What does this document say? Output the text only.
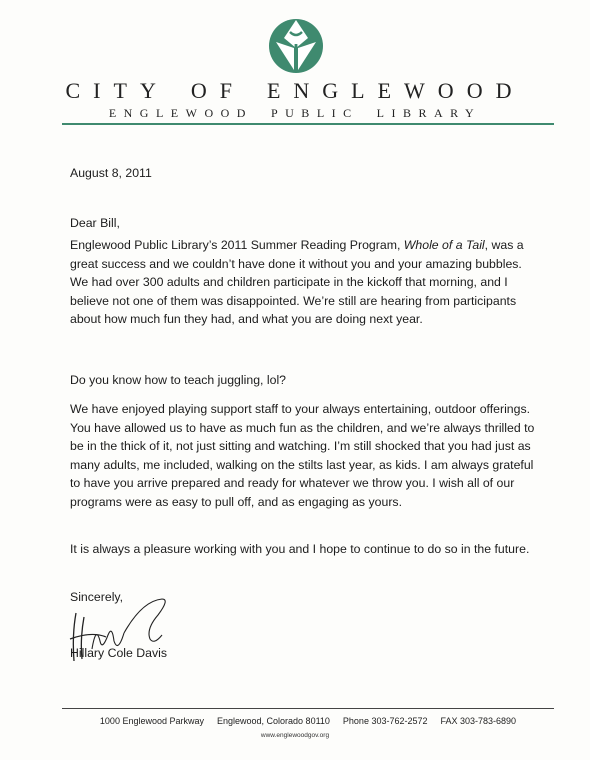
CITY OF ENGLEWOOD
ENGLEWOOD PUBLIC LIBRARY
August 8, 2011
Dear Bill,
Englewood Public Library’s 2011 Summer Reading Program, Whole of a Tail, was a great success and we couldn’t have done it without you and your amazing bubbles. We had over 300 adults and children participate in the kickoff that morning, and I believe not one of them was disappointed. We’re still are hearing from participants about how much fun they had, and what you are doing next year.
Do you know how to teach juggling, lol?
We have enjoyed playing support staff to your always entertaining, outdoor offerings. You have allowed us to have as much fun as the children, and we’re always thrilled to be in the thick of it, not just sitting and watching. I’m still shocked that you had just as many adults, me included, walking on the stilts last year, as kids. I am always grateful to have you arrive prepared and ready for whatever we throw you. I wish all of our programs were as easy to pull off, and as engaging as yours.
It is always a pleasure working with you and I hope to continue to do so in the future.
Sincerely,
Hillary Cole Davis
1000 Englewood Parkway Englewood, Colorado 80110 Phone 303-762-2572 FAX 303-783-6890
www.englewoodgov.org
